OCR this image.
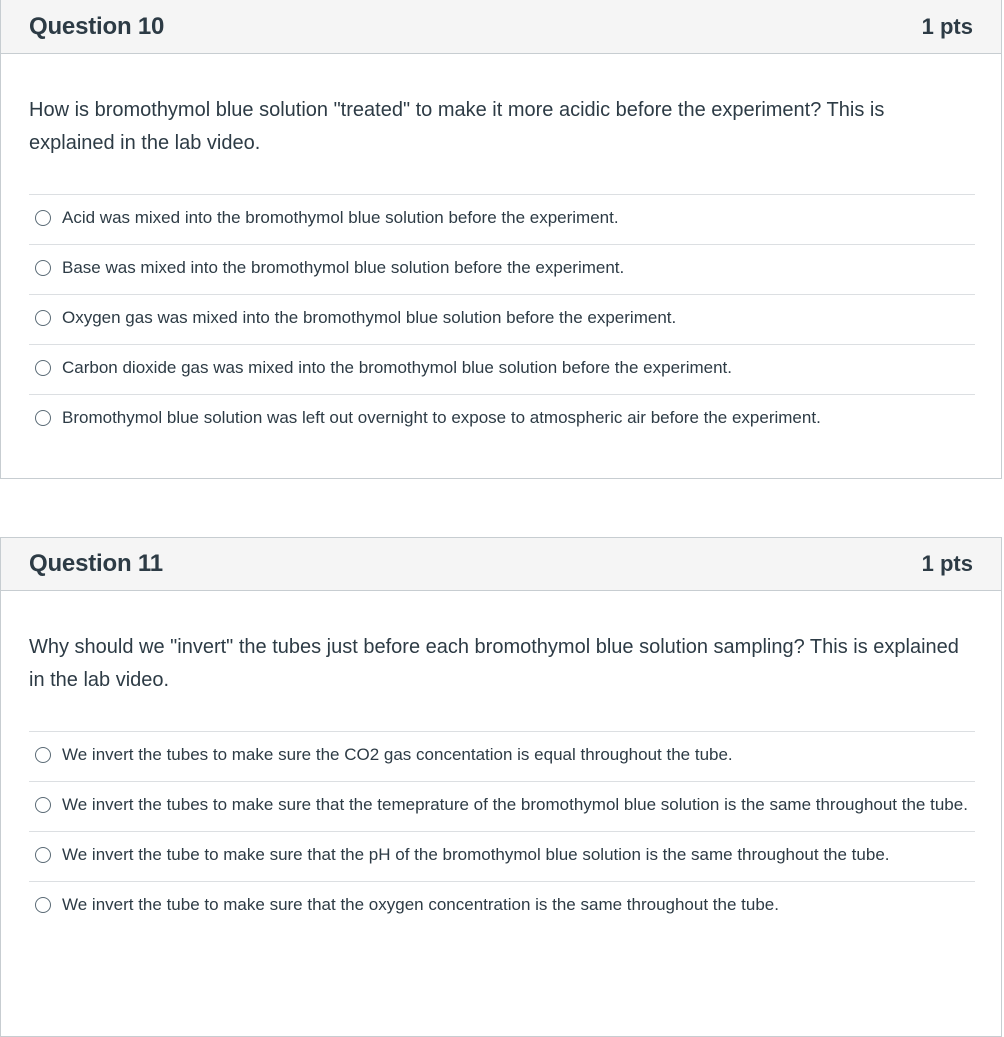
Question 10	1 pts

How is bromothymol blue solution "treated" to make it more acidic before the experiment? This is explained in the lab video.

Acid was mixed into the bromothymol blue solution before the experiment.
Base was mixed into the bromothymol blue solution before the experiment.
Oxygen gas was mixed into the bromothymol blue solution before the experiment.
Carbon dioxide gas was mixed into the bromothymol blue solution before the experiment.
Bromothymol blue solution was left out overnight to expose to atmospheric air before the experiment.
Question 11	1 pts

Why should we "invert" the tubes just before each bromothymol blue solution sampling? This is explained in the lab video.

We invert the tubes to make sure the CO2 gas concentation is equal throughout the tube.
We invert the tubes to make sure that the temeprature of the bromothymol blue solution is the same throughout the tube.
We invert the tube to make sure that the pH of the bromothymol blue solution is the same throughout the tube.
We invert the tube to make sure that the oxygen concentration is the same throughout the tube.
